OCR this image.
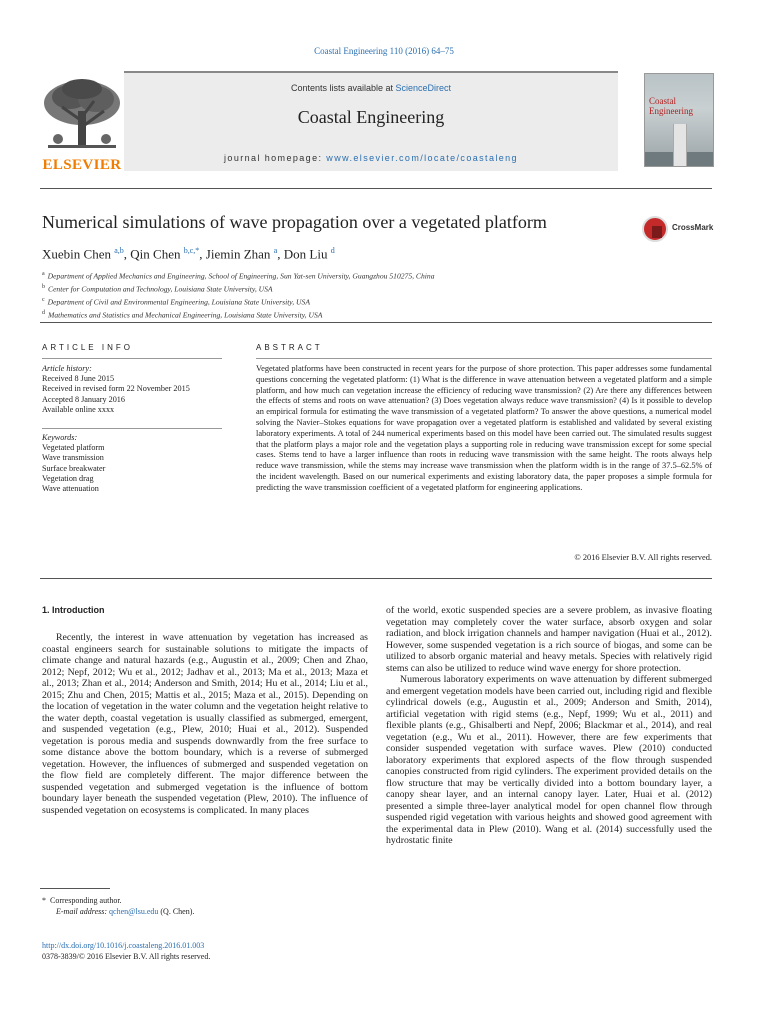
Coastal Engineering 110 (2016) 64–75
ELSEVIER
Contents lists available at ScienceDirect
Coastal Engineering
journal homepage: www.elsevier.com/locate/coastaleng
Coastal
Engineering
Numerical simulations of wave propagation over a vegetated platform	CrossMark
Xuebin Chen $^{a,b}$, Qin Chen $^{b,c,*}$, Jiemin Zhan $^a$, Don Liu $^d$
$^a$ Department of Applied Mechanics and Engineering, School of Engineering, Sun Yat-sen University, Guangzhou 510275, China
$^b$ Center for Computation and Technology, Louisiana State University, USA
$^c$ Department of Civil and Environmental Engineering, Louisiana State University, USA
$^d$ Mathematics and Statistics and Mechanical Engineering, Louisiana State University, USA
ARTICLE INFO
Article history:
Received 8 June 2015
Received in revised form 22 November 2015
Accepted 8 January 2016
Available online xxxx
Keywords:
Vegetated platform
Wave transmission
Surface breakwater
Vegetation drag
Wave attenuation
ABSTRACT
Vegetated platforms have been constructed in recent years for the purpose of shore protection. This paper addresses some fundamental questions concerning the vegetated platform: (1) What is the difference in wave attenuation between a vegetated platform and a simple platform, and how much can vegetation increase the efficiency of reducing wave transmission? (2) Are there any differences between the effects of stems and roots on wave attenuation? (3) Does vegetation always reduce wave transmission? (4) Is it possible to develop an empirical formula for estimating the wave transmission of a vegetated platform? To answer the above questions, a numerical model solving the Navier–Stokes equations for wave propagation over a vegetated platform is established and validated by several existing laboratory experiments. A total of 244 numerical experiments based on this model have been carried out. The simulated results suggest that the platform plays a major role and the vegetation plays a supporting role in reducing wave transmission except for some special cases. Stems tend to have a larger influence than roots in reducing wave transmission with the same height. The roots always help reduce wave transmission, while the stems may increase wave transmission when the platform width is in the range of 37.5–62.5% of the incident wavelength. Based on our numerical experiments and existing laboratory data, the paper proposes a simple formula for predicting the wave transmission coefficient of a vegetated platform for engineering applications.
© 2016 Elsevier B.V. All rights reserved.
1. Introduction

Recently, the interest in wave attenuation by vegetation has increased as coastal engineers search for sustainable solutions to mitigate the impacts of climate change and natural hazards (e.g., Augustin et al., 2009; Chen and Zhao, 2012; Nepf, 2012; Wu et al., 2012; Jadhav et al., 2013; Ma et al., 2013; Maza et al., 2013; Zhan et al., 2014; Anderson and Smith, 2014; Hu et al., 2014; Liu et al., 2015; Zhu and Chen, 2015; Mattis et al., 2015; Maza et al., 2015). Depending on the location of vegetation in the water column and the vegetation height relative to the water depth, coastal vegetation is usually classified as submerged, emergent, and suspended vegetation (e.g., Plew, 2010; Huai et al., 2012). Suspended vegetation is porous media and suspends downwardly from the free surface to some distance above the bottom boundary, which is a reverse of submerged vegetation. However, the influences of submerged and suspended vegetation on the flow field are completely different. The major difference between the suspended vegetation and submerged vegetation is the influence of bottom boundary layer beneath the suspended vegetation (Plew, 2010). The influence of suspended vegetation on ecosystems is complicated. In many places

of the world, exotic suspended species are a severe problem, as invasive floating vegetation may completely cover the water surface, absorb oxygen and solar radiation, and block irrigation channels and hamper navigation (Huai et al., 2012). However, some suspended vegetation is a rich source of biogas, and some can be utilized to absorb organic material and heavy metals. Species with relatively rigid stems can also be utilized to reduce wind wave energy for shore protection.

Numerous laboratory experiments on wave attenuation by different submerged and emergent vegetation models have been carried out, including rigid and flexible cylindrical dowels (e.g., Augustin et al., 2009; Anderson and Smith, 2014), artificial vegetation with rigid stems (e.g., Nepf, 1999; Wu et al., 2011) and flexible plants (e.g., Ghisalberti and Nepf, 2006; Blackmar et al., 2014), and real vegetation (e.g., Wu et al., 2011). However, there are few experiments that consider suspended vegetation with surface waves. Plew (2010) conducted laboratory experiments that explored aspects of the flow through suspended canopies constructed from rigid cylinders. The experiment provided details on the flow structure that may be vertically divided into a bottom boundary layer, a canopy shear layer, and an internal canopy layer. Later, Huai et al. (2012) presented a simple three-layer analytical model for open channel flow through suspended rigid vegetation with various heights and showed good agreement with the experimental data in Plew (2010). Wang et al. (2014) successfully used the hydrostatic finite

* Corresponding author.
E-mail address: qchen@lsu.edu (Q. Chen).
http://dx.doi.org/10.1016/j.coastaleng.2016.01.003
0378-3839/© 2016 Elsevier B.V. All rights reserved.
